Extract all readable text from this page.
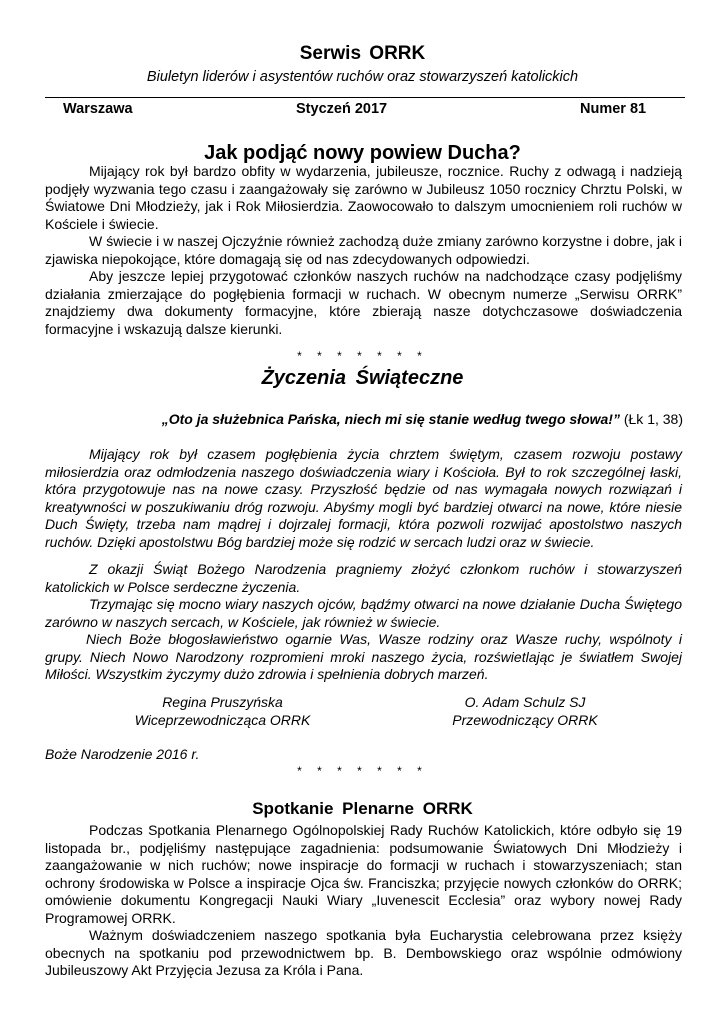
Serwis ORRK
Biuletyn liderów i asystentów ruchów oraz stowarzyszeń katolickich
Warszawa	Styczeń 2017	Numer 81
Jak podjąć nowy powiew Ducha?

Mijający rok był bardzo obfity w wydarzenia, jubileusze, rocznice. Ruchy z odwagą i nadzieją podjęły wyzwania tego czasu i zaangażowały się zarówno w Jubileusz 1050 rocznicy Chrztu Polski, w Światowe Dni Młodzieży, jak i Rok Miłosierdzia. Zaowocowało to dalszym umocnieniem roli ruchów w Kościele i świecie.

W świecie i w naszej Ojczyźnie również zachodzą duże zmiany zarówno korzystne i dobre, jak i zjawiska niepokojące, które domagają się od nas zdecydowanych odpowiedzi.

Aby jeszcze lepiej przygotować członków naszych ruchów na nadchodzące czasy podjęliśmy działania zmierzające do pogłębienia formacji w ruchach. W obecnym numerze „Serwisu ORRK” znajdziemy dwa dokumenty formacyjne, które zbierają nasze dotychczasowe doświadczenia formacyjne i wskazują dalsze kierunki.

* * * * * * *
Życzenia Świąteczne
„Oto ja służebnica Pańska, niech mi się stanie według twego słowa!” (Łk 1, 38)

Mijający rok był czasem pogłębienia życia chrztem świętym, czasem rozwoju postawy miłosierdzia oraz odmłodzenia naszego doświadczenia wiary i Kościoła. Był to rok szczególnej łaski, która przygotowuje nas na nowe czasy. Przyszłość będzie od nas wymagała nowych rozwiązań i kreatywności w poszukiwaniu dróg rozwoju. Abyśmy mogli być bardziej otwarci na nowe, które niesie Duch Święty, trzeba nam mądrej i dojrzalej formacji, która pozwoli rozwijać apostolstwo naszych ruchów. Dzięki apostolstwu Bóg bardziej może się rodzić w sercach ludzi oraz w świecie.

Z okazji Świąt Bożego Narodzenia pragniemy złożyć członkom ruchów i stowarzyszeń katolickich w Polsce serdeczne życzenia.

Trzymając się mocno wiary naszych ojców, bądźmy otwarci na nowe działanie Ducha Świętego zarówno w naszych sercach, w Kościele, jak również w świecie.

Niech Boże błogosławieństwo ogarnie Was, Wasze rodziny oraz Wasze ruchy, wspólnoty i grupy. Niech Nowo Narodzony rozpromieni mroki naszego życia, rozświetlając je światłem Swojej Miłości. Wszystkim życzymy dużo zdrowia i spełnienia dobrych marzeń.

Regina Pruszyńska
Wiceprzewodnicząca ORRK
O. Adam Schulz SJ
Przewodniczący ORRK
Boże Narodzenie 2016 r.
* * * * * * *
Spotkanie Plenarne ORRK

Podczas Spotkania Plenarnego Ogólnopolskiej Rady Ruchów Katolickich, które odbyło się 19 listopada br., podjęliśmy następujące zagadnienia: podsumowanie Światowych Dni Młodzieży i zaangażowanie w nich ruchów; nowe inspiracje do formacji w ruchach i stowarzyszeniach; stan ochrony środowiska w Polsce a inspiracje Ojca św. Franciszka; przyjęcie nowych członków do ORRK; omówienie dokumentu Kongregacji Nauki Wiary „Iuvenescit Ecclesia” oraz wybory nowej Rady Programowej ORRK.

Ważnym doświadczeniem naszego spotkania była Eucharystia celebrowana przez księży obecnych na spotkaniu pod przewodnictwem bp. B. Dembowskiego oraz wspólnie odmówiony Jubileuszowy Akt Przyjęcia Jezusa za Króla i Pana.
